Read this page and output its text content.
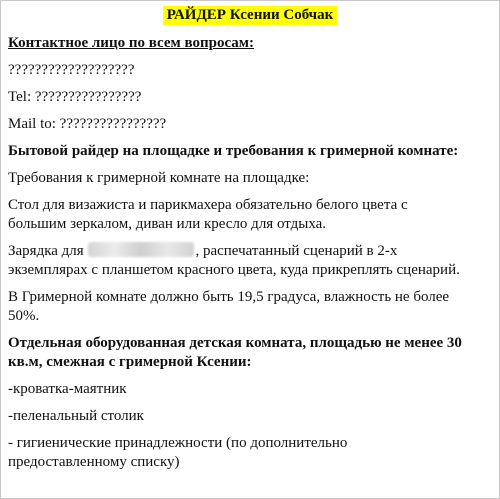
РАЙДЕР Ксении Собчак

Контактное лицо по всем вопросам:

???????????????????

Tel: ????????????????

Mail to: ????????????????

Бытовой райдер на площадке и требования к гримерной комнате:

Требования к гримерной комнате на площадке:

Стол для визажиста и парикмахера обязательно белого цвета с
большим зеркалом, диван или кресло для отдыха.

Зарядка для	, распечатанный сценарий в 2-х
экземплярах с планшетом красного цвета, куда прикреплять сценарий.

В Гримерной комнате должно быть 19,5 градуса, влажность не более
50%.

Отдельная оборудованная детская комната, площадью не менее 30
кв.м, смежная с гримерной Ксении:

-кроватка-маятник

-пеленальный столик

- гигиенические принадлежности (по дополнительно
предоставленному списку)
